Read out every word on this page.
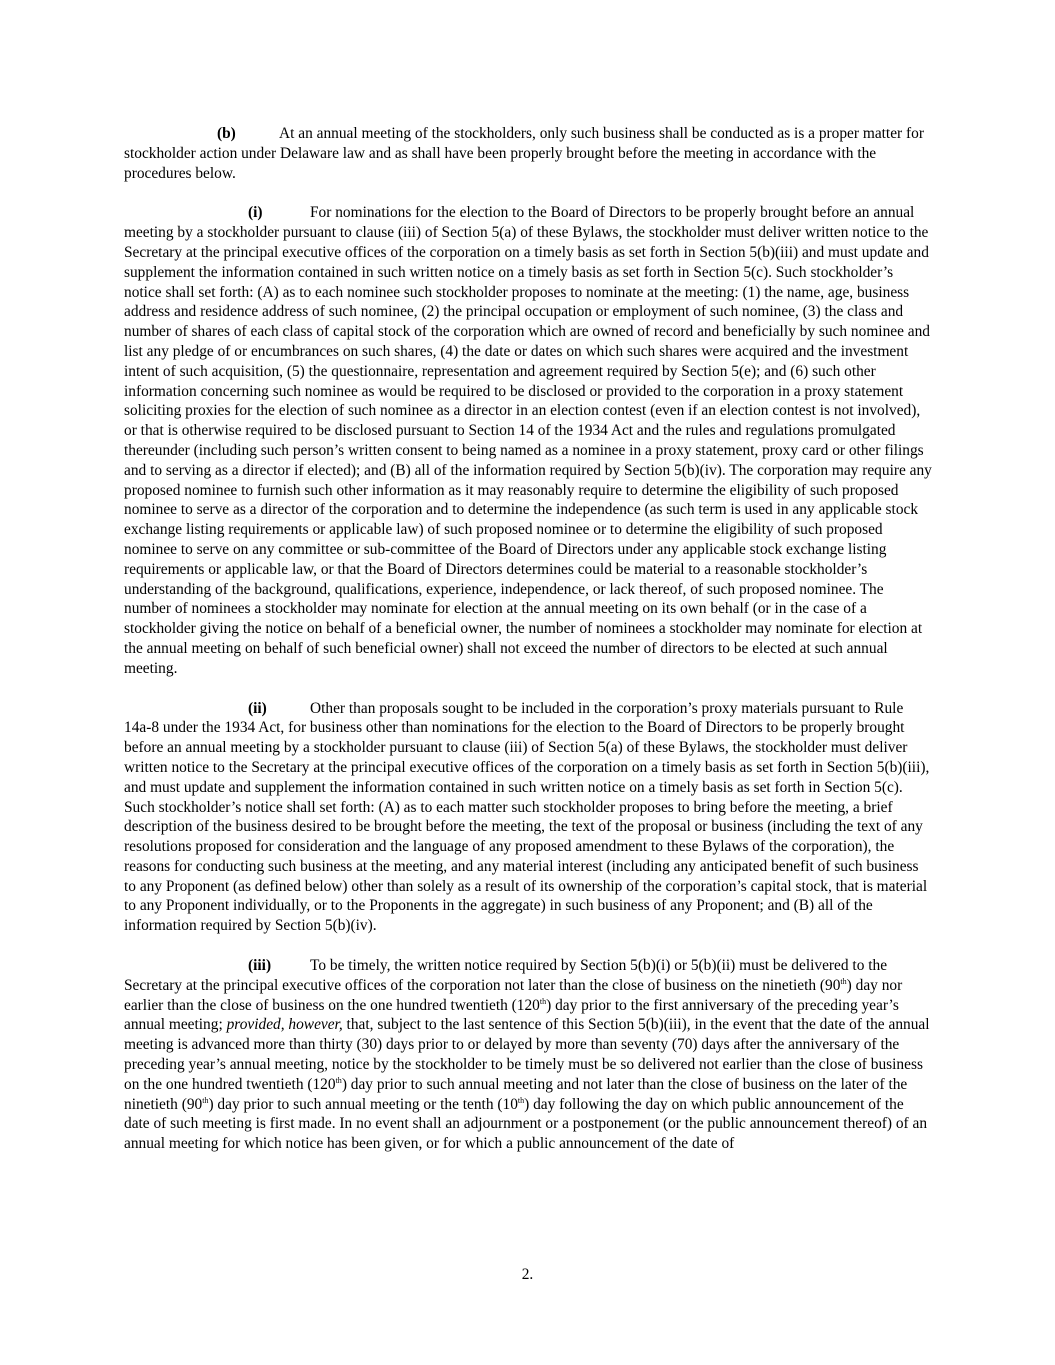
(b)	At an annual meeting of the stockholders, only such business shall be conducted as is a proper matter for stockholder action under Delaware law and as shall have been properly brought before the meeting in accordance with the procedures below.

(i)	For nominations for the election to the Board of Directors to be properly brought before an annual meeting by a stockholder pursuant to clause (iii) of Section 5(a) of these Bylaws, the stockholder must deliver written notice to the Secretary at the principal executive offices of the corporation on a timely basis as set forth in Section 5(b)(iii) and must update and supplement the information contained in such written notice on a timely basis as set forth in Section 5(c). Such stockholder’s notice shall set forth: (A) as to each nominee such stockholder proposes to nominate at the meeting: (1) the name, age, business address and residence address of such nominee, (2) the principal occupation or employment of such nominee, (3) the class and number of shares of each class of capital stock of the corporation which are owned of record and beneficially by such nominee and list any pledge of or encumbrances on such shares, (4) the date or dates on which such shares were acquired and the investment intent of such acquisition, (5) the questionnaire, representation and agreement required by Section 5(e); and (6) such other information concerning such nominee as would be required to be disclosed or provided to the corporation in a proxy statement soliciting proxies for the election of such nominee as a director in an election contest (even if an election contest is not involved), or that is otherwise required to be disclosed pursuant to Section 14 of the 1934 Act and the rules and regulations promulgated thereunder (including such person’s written consent to being named as a nominee in a proxy statement, proxy card or other filings and to serving as a director if elected); and (B) all of the information required by Section 5(b)(iv). The corporation may require any proposed nominee to furnish such other information as it may reasonably require to determine the eligibility of such proposed nominee to serve as a director of the corporation and to determine the independence (as such term is used in any applicable stock exchange listing requirements or applicable law) of such proposed nominee or to determine the eligibility of such proposed nominee to serve on any committee or sub-committee of the Board of Directors under any applicable stock exchange listing requirements or applicable law, or that the Board of Directors determines could be material to a reasonable stockholder’s understanding of the background, qualifications, experience, independence, or lack thereof, of such proposed nominee. The number of nominees a stockholder may nominate for election at the annual meeting on its own behalf (or in the case of a stockholder giving the notice on behalf of a beneficial owner, the number of nominees a stockholder may nominate for election at the annual meeting on behalf of such beneficial owner) shall not exceed the number of directors to be elected at such annual meeting.

(ii)	Other than proposals sought to be included in the corporation’s proxy materials pursuant to Rule 14a-8 under the 1934 Act, for business other than nominations for the election to the Board of Directors to be properly brought before an annual meeting by a stockholder pursuant to clause (iii) of Section 5(a) of these Bylaws, the stockholder must deliver written notice to the Secretary at the principal executive offices of the corporation on a timely basis as set forth in Section 5(b)(iii), and must update and supplement the information contained in such written notice on a timely basis as set forth in Section 5(c). Such stockholder’s notice shall set forth: (A) as to each matter such stockholder proposes to bring before the meeting, a brief description of the business desired to be brought before the meeting, the text of the proposal or business (including the text of any resolutions proposed for consideration and the language of any proposed amendment to these Bylaws of the corporation), the reasons for conducting such business at the meeting, and any material interest (including any anticipated benefit of such business to any Proponent (as defined below) other than solely as a result of its ownership of the corporation’s capital stock, that is material to any Proponent individually, or to the Proponents in the aggregate) in such business of any Proponent; and (B) all of the information required by Section 5(b)(iv).

(iii)	To be timely, the written notice required by Section 5(b)(i) or 5(b)(ii) must be delivered to the Secretary at the principal executive offices of the corporation not later than the close of business on the ninetieth (90th) day nor earlier than the close of business on the one hundred twentieth (120th) day prior to the first anniversary of the preceding year’s annual meeting; provided, however, that, subject to the last sentence of this Section 5(b)(iii), in the event that the date of the annual meeting is advanced more than thirty (30) days prior to or delayed by more than seventy (70) days after the anniversary of the preceding year’s annual meeting, notice by the stockholder to be timely must be so delivered not earlier than the close of business on the one hundred twentieth (120th) day prior to such annual meeting and not later than the close of business on the later of the ninetieth (90th) day prior to such annual meeting or the tenth (10th) day following the day on which public announcement of the date of such meeting is first made. In no event shall an adjournment or a postponement (or the public announcement thereof) of an annual meeting for which notice has been given, or for which a public announcement of the date of

2.
